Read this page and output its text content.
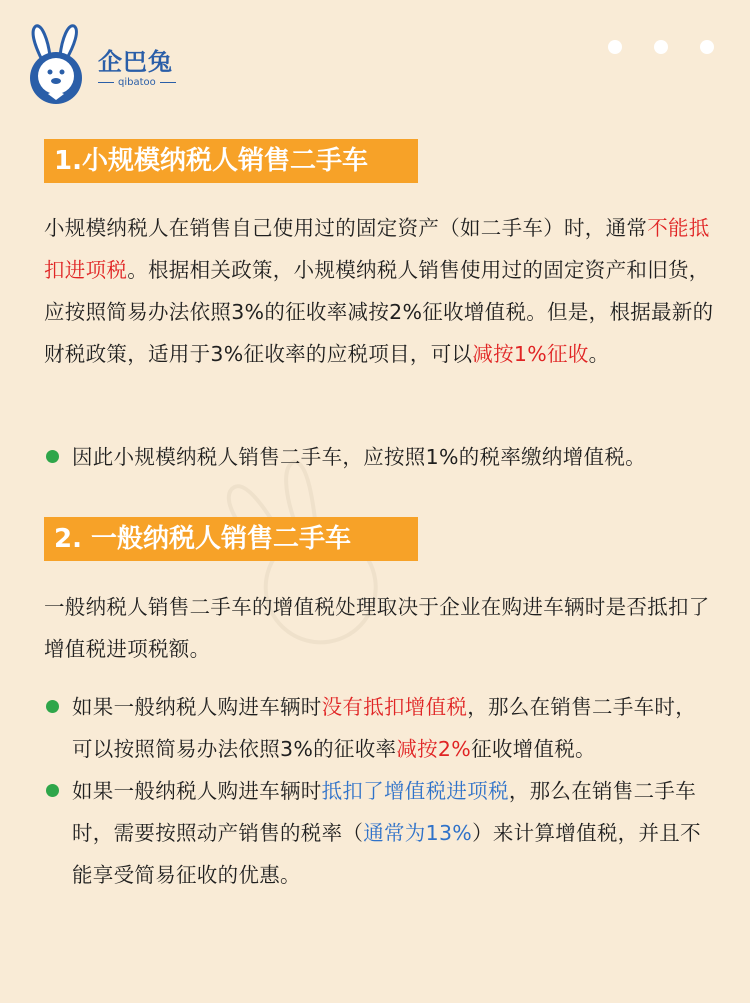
企巴兔
qibatoo
1.小规模纳税人销售二手车

小规模纳税人在销售自己使用过的固定资产（如二手车）时，通常不能抵扣进项税。根据相关政策，小规模纳税人销售使用过的固定资产和旧货，应按照简易办法依照3%的征收率减按2%征收增值税。但是，根据最新的财税政策，适用于3%征收率的应税项目，可以减按1%征收。

因此小规模纳税人销售二手车，应按照1%的税率缴纳增值税。
2. 一般纳税人销售二手车

一般纳税人销售二手车的增值税处理取决于企业在购进车辆时是否抵扣了增值税进项税额。

如果一般纳税人购进车辆时没有抵扣增值税，那么在销售二手车时，可以按照简易办法依照3%的征收率减按2%征收增值税。
如果一般纳税人购进车辆时抵扣了增值税进项税，那么在销售二手车时，需要按照动产销售的税率（通常为13%）来计算增值税，并且不能享受简易征收的优惠。
